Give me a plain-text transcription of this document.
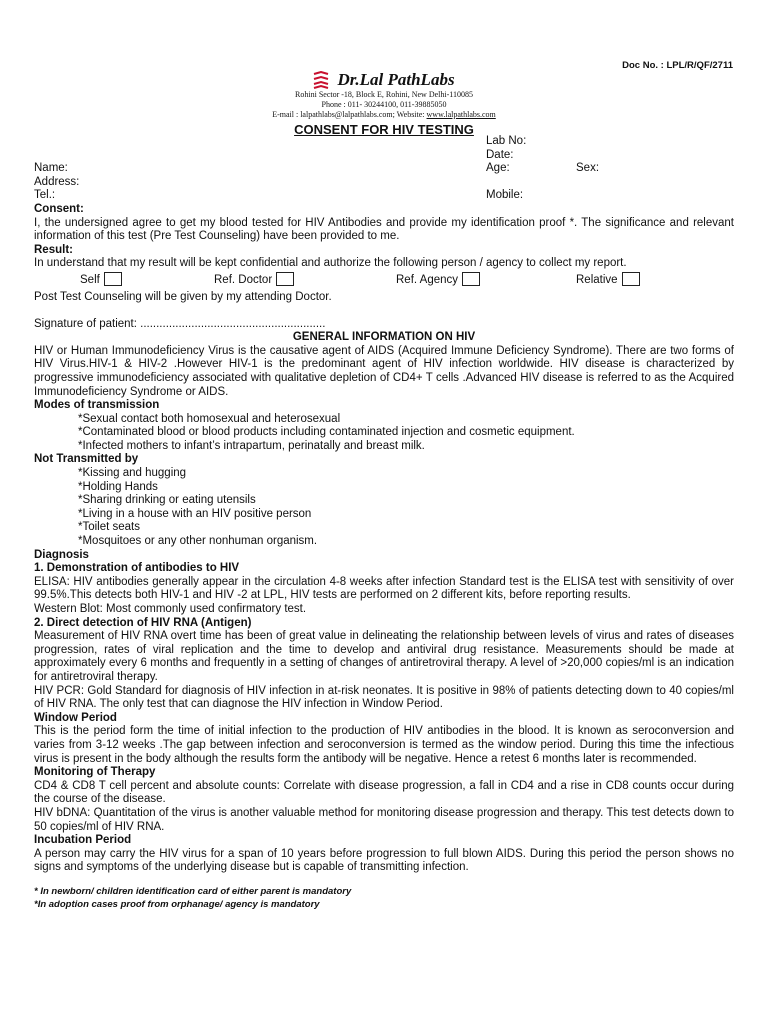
Doc No. : LPL/R/QF/2711
Dr.Lal PathLabs
Rohini Sector -18, Block E, Rohini, New Delhi-110085
Phone : 011- 30244100, 011-39885050
E-mail : lalpathlabs@lalpathlabs.com; Website: www.lalpathlabs.com
CONSENT FOR HIV TESTING
Lab No:
Date:
Name:	Age:	Sex:
Address:
Tel.:	Mobile:
Consent:
I, the undersigned agree to get my blood tested for HIV Antibodies and provide my identification proof *. The significance and relevant information of this test (Pre Test Counseling) have been provided to me.
Result:
In understand that my result will be kept confidential and authorize the following person / agency to collect my report.
Self	Ref. Doctor	Ref. Agency	Relative
Post Test Counseling will be given by my attending Doctor.
Signature of patient: ..........................................................
GENERAL INFORMATION ON HIV
HIV or Human Immunodeficiency Virus is the causative agent of AIDS (Acquired Immune Deficiency Syndrome). There are two forms of HIV Virus.HIV-1 & HIV-2 .However HIV-1 is the predominant agent of HIV infection worldwide. HIV disease is characterized by progressive immunodeficiency associated with qualitative depletion of CD4+ T cells .Advanced HIV disease is referred to as the Acquired Immunodeficiency Syndrome or AIDS.
Modes of transmission
*Sexual contact both homosexual and heterosexual
*Contaminated blood or blood products including contaminated injection and cosmetic equipment.
*Infected mothers to infant’s intrapartum, perinatally and breast milk.
Not Transmitted by
*Kissing and hugging
*Holding Hands
*Sharing drinking or eating utensils
*Living in a house with an HIV positive person
*Toilet seats
*Mosquitoes or any other nonhuman organism.
Diagnosis
1. Demonstration of antibodies to HIV
ELISA: HIV antibodies generally appear in the circulation 4-8 weeks after infection Standard test is the ELISA test with sensitivity of over 99.5%.This detects both HIV-1 and HIV -2 at LPL, HIV tests are performed on 2 different kits, before reporting results.
Western Blot: Most commonly used confirmatory test.
2. Direct detection of HIV RNA (Antigen)
Measurement of HIV RNA overt time has been of great value in delineating the relationship between levels of virus and rates of diseases progression, rates of viral replication and the time to develop and antiviral drug resistance. Measurements should be made at approximately every 6 months and frequently in a setting of changes of antiretroviral therapy. A level of >20,000 copies/ml is an indication for antiretroviral therapy.
HIV PCR: Gold Standard for diagnosis of HIV infection in at-risk neonates. It is positive in 98% of patients detecting down to 40 copies/ml of HIV RNA. The only test that can diagnose the HIV infection in Window Period.
Window Period
This is the period form the time of initial infection to the production of HIV antibodies in the blood. It is known as seroconversion and varies from 3-12 weeks .The gap between infection and seroconversion is termed as the window period. During this time the infectious virus is present in the body although the results form the antibody will be negative. Hence a retest 6 months later is recommended.
Monitoring of Therapy
CD4 & CD8 T cell percent and absolute counts: Correlate with disease progression, a fall in CD4 and a rise in CD8 counts occur during the course of the disease.
HIV bDNA: Quantitation of the virus is another valuable method for monitoring disease progression and therapy. This test detects down to 50 copies/ml of HIV RNA.
Incubation Period
A person may carry the HIV virus for a span of 10 years before progression to full blown AIDS. During this period the person shows no signs and symptoms of the underlying disease but is capable of transmitting infection.
* In newborn/ children identification card of either parent is mandatory
*In adoption cases proof from orphanage/ agency is mandatory
